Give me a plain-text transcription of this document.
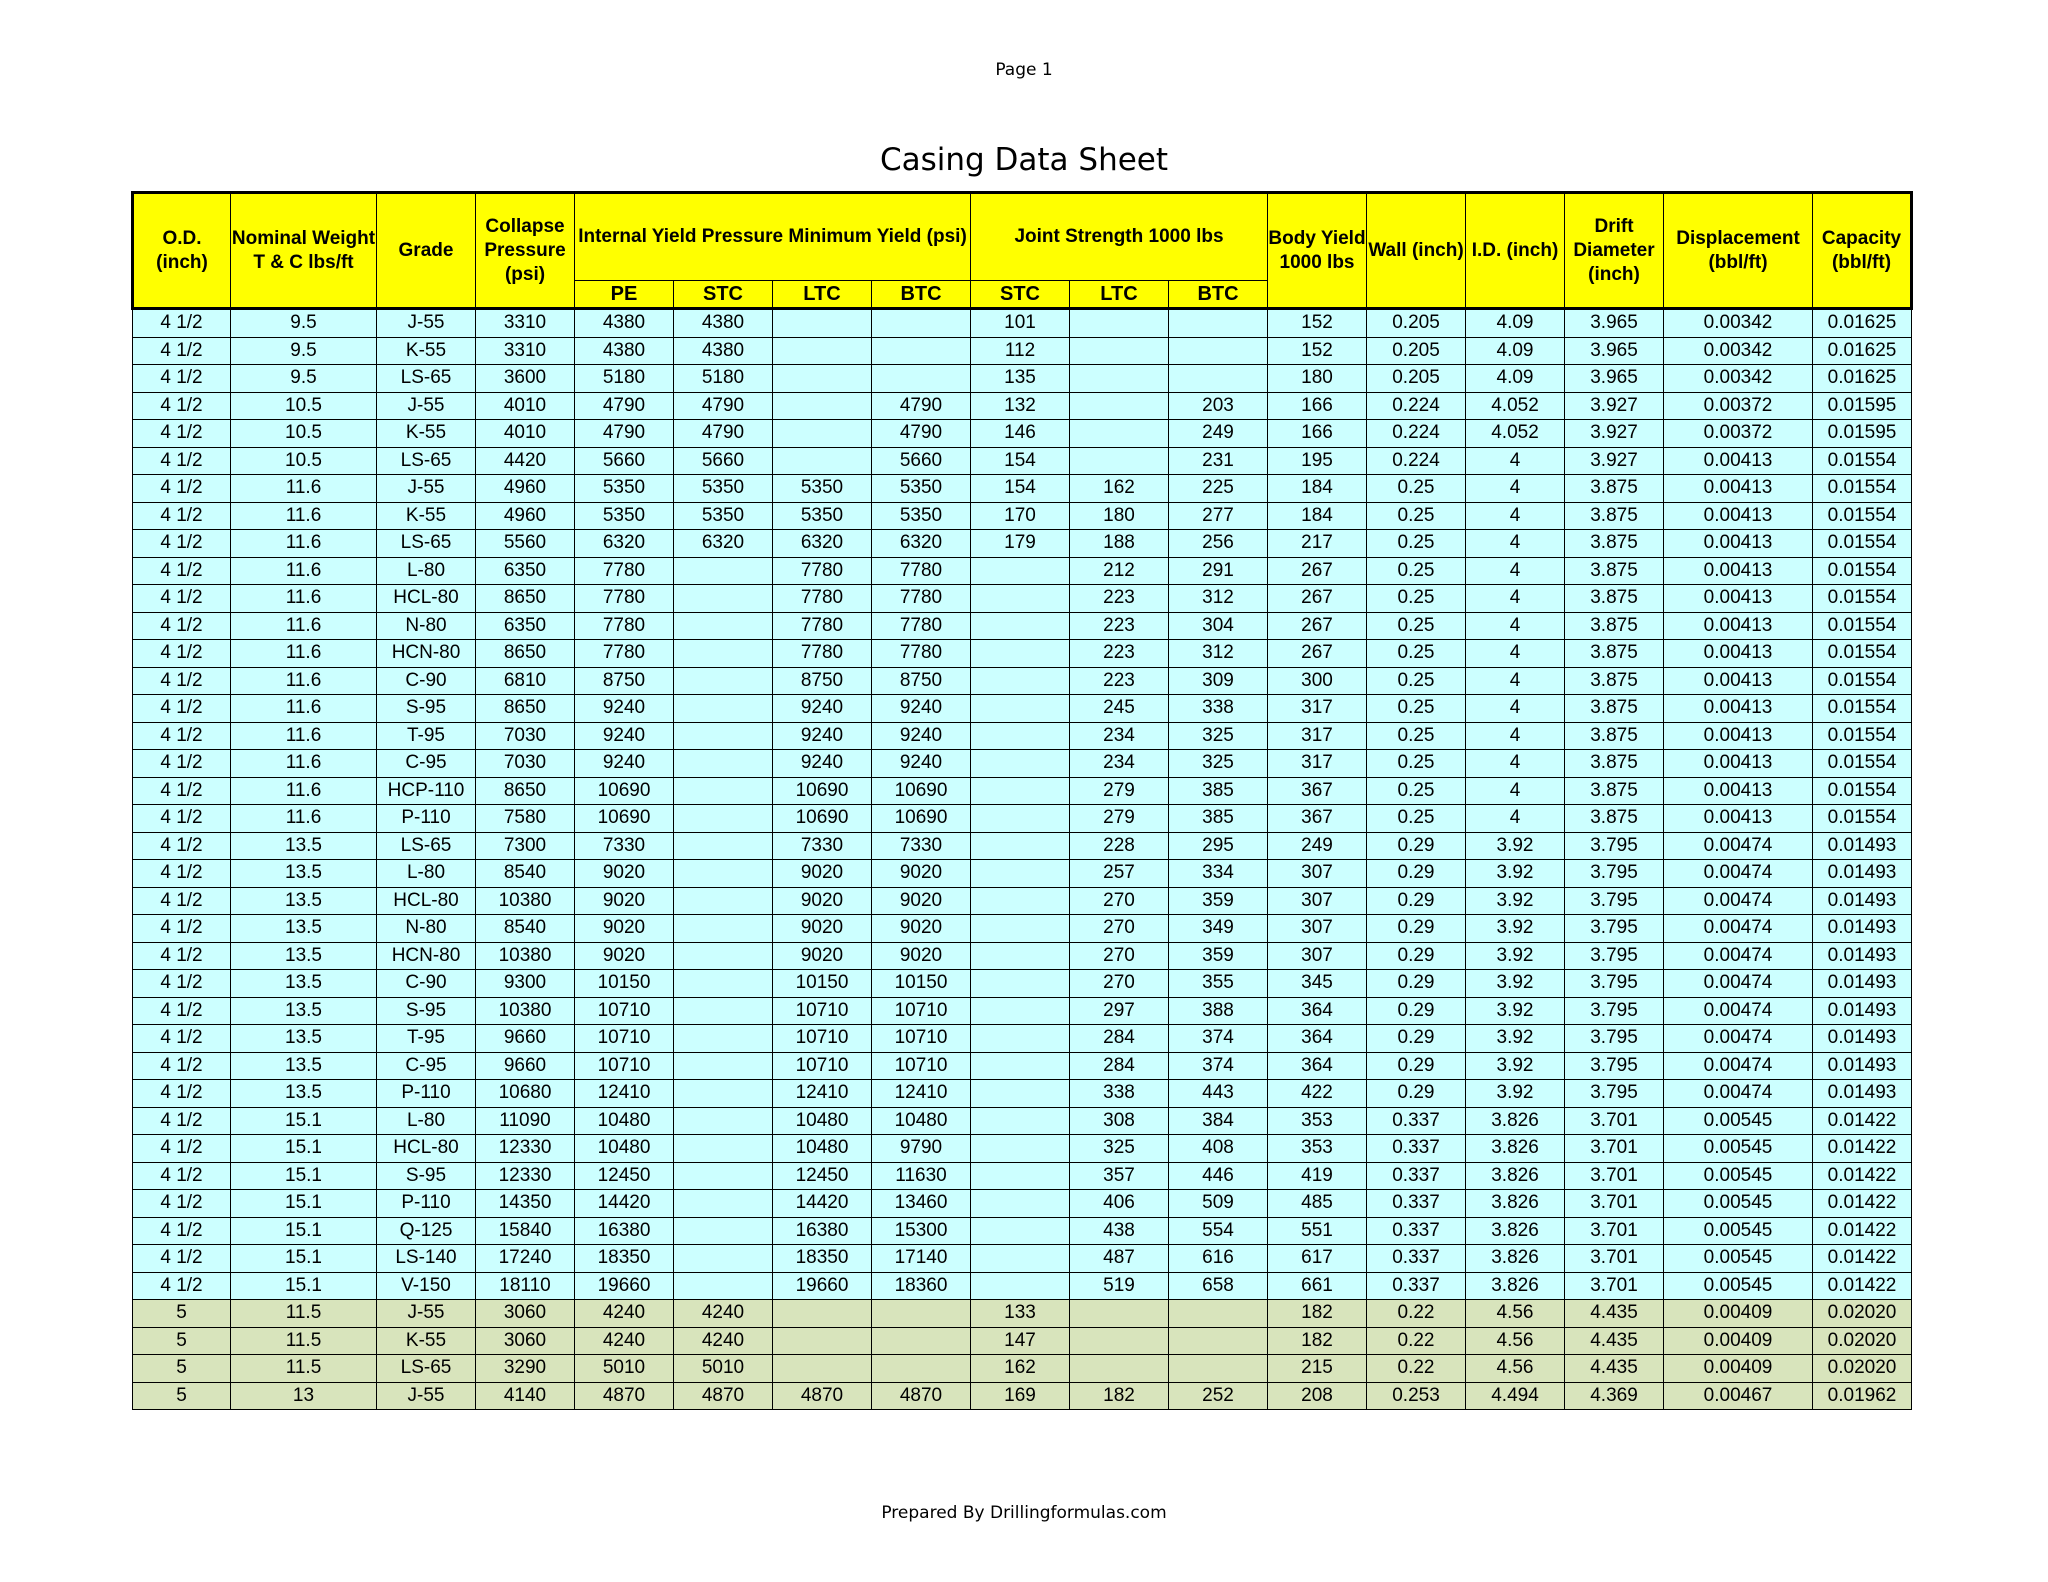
Page 1
Casing Data Sheet
O.D. (inch)	Nominal Weight T & C lbs/ft	Grade	Collapse Pressure (psi)	Internal Yield Pressure Minimum Yield (psi)				Joint Strength 1000 lbs			Body Yield 1000 lbs	Wall (inch)	I.D. (inch)	Drift Diameter (inch)	Displacement (bbl/ft)	Capacity (bbl/ft)
				PE	STC	LTC	BTC	STC	LTC	BTC						
4 1/2	9.5	J-55	3310	4380	4380			101			152	0.205	4.09	3.965	0.00342	0.01625
4 1/2	9.5	K-55	3310	4380	4380			112			152	0.205	4.09	3.965	0.00342	0.01625
4 1/2	9.5	LS-65	3600	5180	5180			135			180	0.205	4.09	3.965	0.00342	0.01625
4 1/2	10.5	J-55	4010	4790	4790		4790	132		203	166	0.224	4.052	3.927	0.00372	0.01595
4 1/2	10.5	K-55	4010	4790	4790		4790	146		249	166	0.224	4.052	3.927	0.00372	0.01595
4 1/2	10.5	LS-65	4420	5660	5660		5660	154		231	195	0.224	4	3.927	0.00413	0.01554
4 1/2	11.6	J-55	4960	5350	5350	5350	5350	154	162	225	184	0.25	4	3.875	0.00413	0.01554
4 1/2	11.6	K-55	4960	5350	5350	5350	5350	170	180	277	184	0.25	4	3.875	0.00413	0.01554
4 1/2	11.6	LS-65	5560	6320	6320	6320	6320	179	188	256	217	0.25	4	3.875	0.00413	0.01554
4 1/2	11.6	L-80	6350	7780		7780	7780		212	291	267	0.25	4	3.875	0.00413	0.01554
4 1/2	11.6	HCL-80	8650	7780		7780	7780		223	312	267	0.25	4	3.875	0.00413	0.01554
4 1/2	11.6	N-80	6350	7780		7780	7780		223	304	267	0.25	4	3.875	0.00413	0.01554
4 1/2	11.6	HCN-80	8650	7780		7780	7780		223	312	267	0.25	4	3.875	0.00413	0.01554
4 1/2	11.6	C-90	6810	8750		8750	8750		223	309	300	0.25	4	3.875	0.00413	0.01554
4 1/2	11.6	S-95	8650	9240		9240	9240		245	338	317	0.25	4	3.875	0.00413	0.01554
4 1/2	11.6	T-95	7030	9240		9240	9240		234	325	317	0.25	4	3.875	0.00413	0.01554
4 1/2	11.6	C-95	7030	9240		9240	9240		234	325	317	0.25	4	3.875	0.00413	0.01554
4 1/2	11.6	HCP-110	8650	10690		10690	10690		279	385	367	0.25	4	3.875	0.00413	0.01554
4 1/2	11.6	P-110	7580	10690		10690	10690		279	385	367	0.25	4	3.875	0.00413	0.01554
4 1/2	13.5	LS-65	7300	7330		7330	7330		228	295	249	0.29	3.92	3.795	0.00474	0.01493
4 1/2	13.5	L-80	8540	9020		9020	9020		257	334	307	0.29	3.92	3.795	0.00474	0.01493
4 1/2	13.5	HCL-80	10380	9020		9020	9020		270	359	307	0.29	3.92	3.795	0.00474	0.01493
4 1/2	13.5	N-80	8540	9020		9020	9020		270	349	307	0.29	3.92	3.795	0.00474	0.01493
4 1/2	13.5	HCN-80	10380	9020		9020	9020		270	359	307	0.29	3.92	3.795	0.00474	0.01493
4 1/2	13.5	C-90	9300	10150		10150	10150		270	355	345	0.29	3.92	3.795	0.00474	0.01493
4 1/2	13.5	S-95	10380	10710		10710	10710		297	388	364	0.29	3.92	3.795	0.00474	0.01493
4 1/2	13.5	T-95	9660	10710		10710	10710		284	374	364	0.29	3.92	3.795	0.00474	0.01493
4 1/2	13.5	C-95	9660	10710		10710	10710		284	374	364	0.29	3.92	3.795	0.00474	0.01493
4 1/2	13.5	P-110	10680	12410		12410	12410		338	443	422	0.29	3.92	3.795	0.00474	0.01493
4 1/2	15.1	L-80	11090	10480		10480	10480		308	384	353	0.337	3.826	3.701	0.00545	0.01422
4 1/2	15.1	HCL-80	12330	10480		10480	9790		325	408	353	0.337	3.826	3.701	0.00545	0.01422
4 1/2	15.1	S-95	12330	12450		12450	11630		357	446	419	0.337	3.826	3.701	0.00545	0.01422
4 1/2	15.1	P-110	14350	14420		14420	13460		406	509	485	0.337	3.826	3.701	0.00545	0.01422
4 1/2	15.1	Q-125	15840	16380		16380	15300		438	554	551	0.337	3.826	3.701	0.00545	0.01422
4 1/2	15.1	LS-140	17240	18350		18350	17140		487	616	617	0.337	3.826	3.701	0.00545	0.01422
4 1/2	15.1	V-150	18110	19660		19660	18360		519	658	661	0.337	3.826	3.701	0.00545	0.01422
5	11.5	J-55	3060	4240	4240			133			182	0.22	4.56	4.435	0.00409	0.02020
5	11.5	K-55	3060	4240	4240			147			182	0.22	4.56	4.435	0.00409	0.02020
5	11.5	LS-65	3290	5010	5010			162			215	0.22	4.56	4.435	0.00409	0.02020
5	13	J-55	4140	4870	4870	4870	4870	169	182	252	208	0.253	4.494	4.369	0.00467	0.01962
Prepared By Drillingformulas.com
